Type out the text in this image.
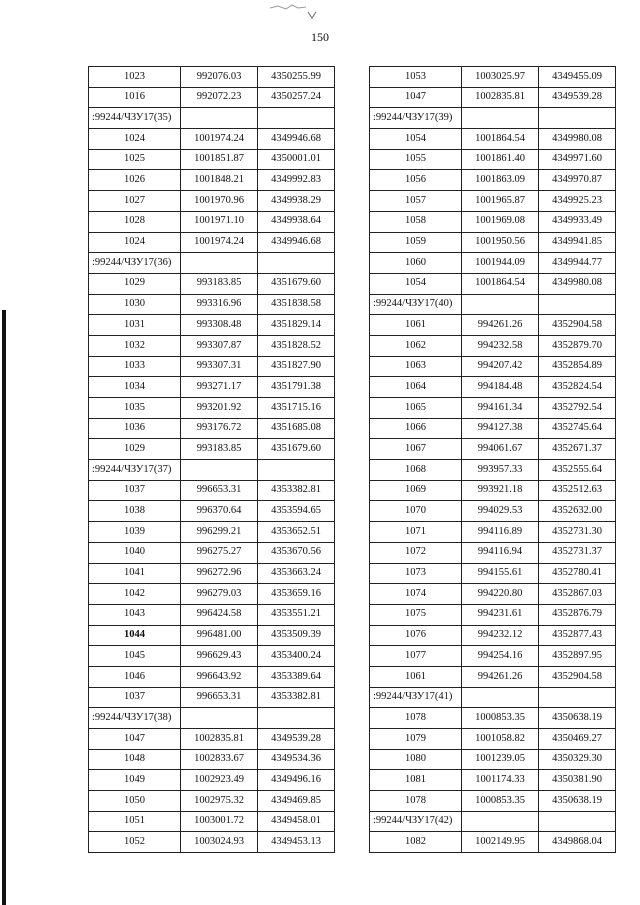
150
1023	992076.03	4350255.99
1016	992072.23	4350257.24
:99244/ЧЗУ17(35)		
1024	1001974.24	4349946.68
1025	1001851.87	4350001.01
1026	1001848.21	4349992.83
1027	1001970.96	4349938.29
1028	1001971.10	4349938.64
1024	1001974.24	4349946.68
:99244/ЧЗУ17(36)		
1029	993183.85	4351679.60
1030	993316.96	4351838.58
1031	993308.48	4351829.14
1032	993307.87	4351828.52
1033	993307.31	4351827.90
1034	993271.17	4351791.38
1035	993201.92	4351715.16
1036	993176.72	4351685.08
1029	993183.85	4351679.60
:99244/ЧЗУ17(37)		
1037	996653.31	4353382.81
1038	996370.64	4353594.65
1039	996299.21	4353652.51
1040	996275.27	4353670.56
1041	996272.96	4353663.24
1042	996279.03	4353659.16
1043	996424.58	4353551.21
1044	996481.00	4353509.39
1045	996629.43	4353400.24
1046	996643.92	4353389.64
1037	996653.31	4353382.81
:99244/ЧЗУ17(38)		
1047	1002835.81	4349539.28
1048	1002833.67	4349534.36
1049	1002923.49	4349496.16
1050	1002975.32	4349469.85
1051	1003001.72	4349458.01
1052	1003024.93	4349453.13
1053	1003025.97	4349455.09
1047	1002835.81	4349539.28
:99244/ЧЗУ17(39)		
1054	1001864.54	4349980.08
1055	1001861.40	4349971.60
1056	1001863.09	4349970.87
1057	1001965.87	4349925.23
1058	1001969.08	4349933.49
1059	1001950.56	4349941.85
1060	1001944.09	4349944.77
1054	1001864.54	4349980.08
:99244/ЧЗУ17(40)		
1061	994261.26	4352904.58
1062	994232.58	4352879.70
1063	994207.42	4352854.89
1064	994184.48	4352824.54
1065	994161.34	4352792.54
1066	994127.38	4352745.64
1067	994061.67	4352671.37
1068	993957.33	4352555.64
1069	993921.18	4352512.63
1070	994029.53	4352632.00
1071	994116.89	4352731.30
1072	994116.94	4352731.37
1073	994155.61	4352780.41
1074	994220.80	4352867.03
1075	994231.61	4352876.79
1076	994232.12	4352877.43
1077	994254.16	4352897.95
1061	994261.26	4352904.58
:99244/ЧЗУ17(41)		
1078	1000853.35	4350638.19
1079	1001058.82	4350469.27
1080	1001239.05	4350329.30
1081	1001174.33	4350381.90
1078	1000853.35	4350638.19
:99244/ЧЗУ17(42)		
1082	1002149.95	4349868.04
